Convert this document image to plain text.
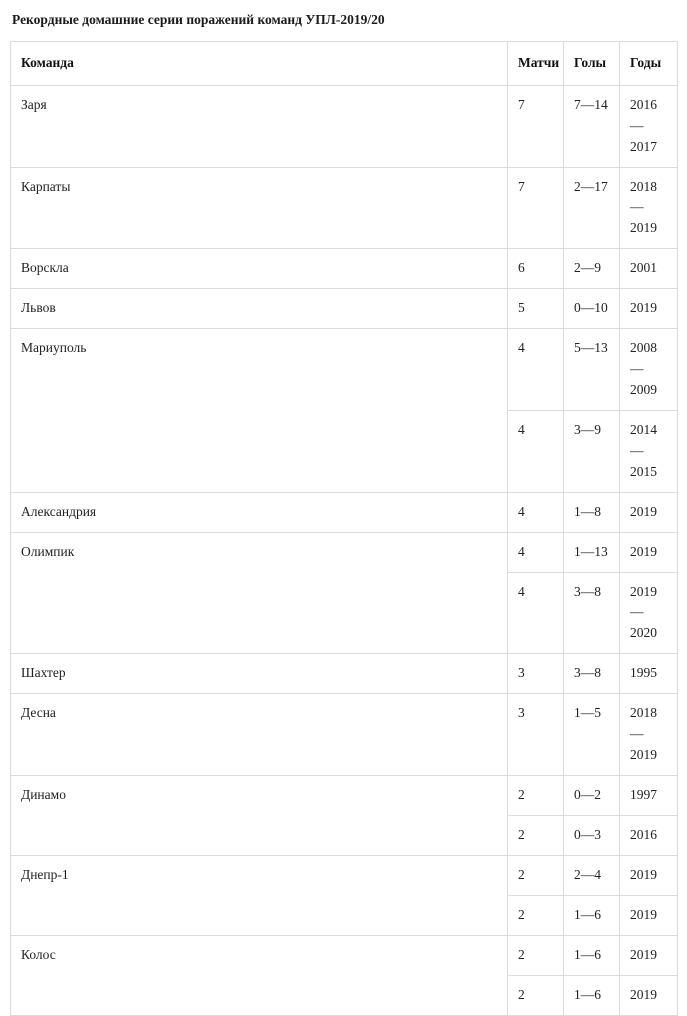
Рекордные домашние серии поражений команд УПЛ-2019/20
Команда	Матчи	Голы	Годы
Заря	7	7—14	2016—
2017

Карпаты	7	2—17	2018—
2019

Ворскла	6	2—9	2001

Львов	5	0—10	2019

Мариуполь	4	5—13	2008—
2009

	4	3—9	2014—
2015

Александрия	4	1—8	2019

Олимпик	4	1—13	2019

	4	3—8	2019—
2020

Шахтер	3	3—8	1995

Десна	3	1—5	2018—
2019

Динамо	2	0—2	1997

	2	0—3	2016

Днепр-1	2	2—4	2019

	2	1—6	2019

Колос	2	1—6	2019

	2	1—6	2019
